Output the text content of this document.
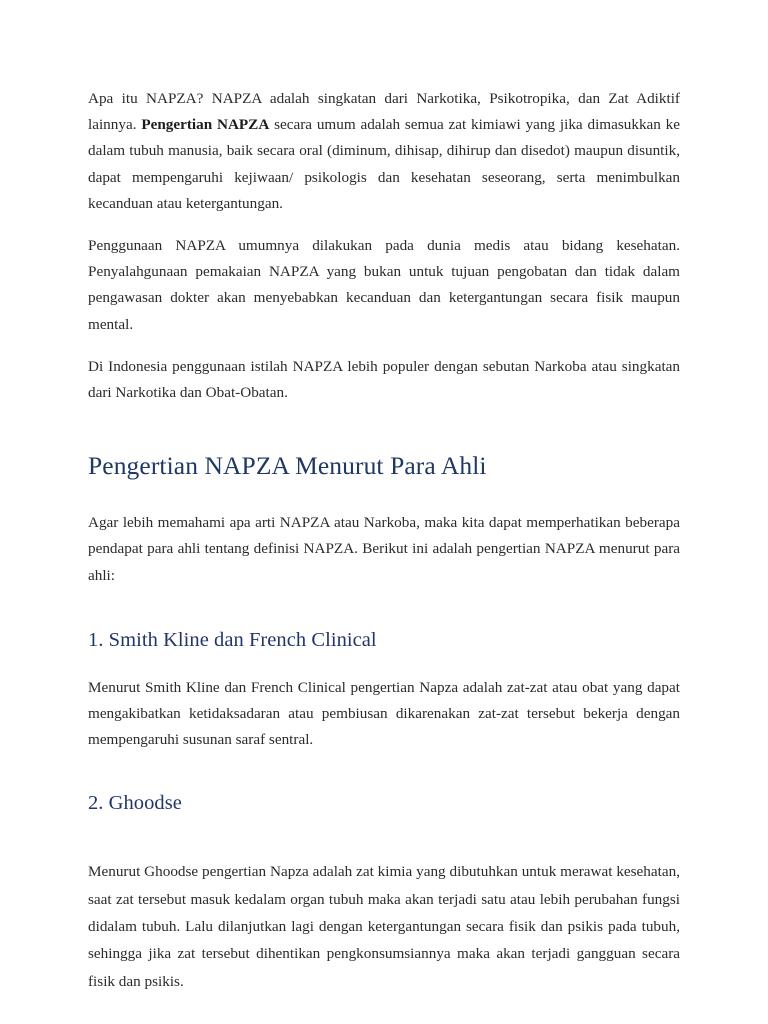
Apa itu NAPZA? NAPZA adalah singkatan dari Narkotika, Psikotropika, dan Zat Adiktif lainnya. Pengertian NAPZA secara umum adalah semua zat kimiawi yang jika dimasukkan ke dalam tubuh manusia, baik secara oral (diminum, dihisap, dihirup dan disedot) maupun disuntik, dapat mempengaruhi kejiwaan/ psikologis dan kesehatan seseorang, serta menimbulkan kecanduan atau ketergantungan.

Penggunaan NAPZA umumnya dilakukan pada dunia medis atau bidang kesehatan. Penyalahgunaan pemakaian NAPZA yang bukan untuk tujuan pengobatan dan tidak dalam pengawasan dokter akan menyebabkan kecanduan dan ketergantungan secara fisik maupun mental.

Di Indonesia penggunaan istilah NAPZA lebih populer dengan sebutan Narkoba atau singkatan dari Narkotika dan Obat-Obatan.

Pengertian NAPZA Menurut Para Ahli

Agar lebih memahami apa arti NAPZA atau Narkoba, maka kita dapat memperhatikan beberapa pendapat para ahli tentang definisi NAPZA. Berikut ini adalah pengertian NAPZA menurut para ahli:

1. Smith Kline dan French Clinical

Menurut Smith Kline dan French Clinical pengertian Napza adalah zat-zat atau obat yang dapat mengakibatkan ketidaksadaran atau pembiusan dikarenakan zat-zat tersebut bekerja dengan mempengaruhi susunan saraf sentral.

2. Ghoodse

Menurut Ghoodse pengertian Napza adalah zat kimia yang dibutuhkan untuk merawat kesehatan, saat zat tersebut masuk kedalam organ tubuh maka akan terjadi satu atau lebih perubahan fungsi didalam tubuh. Lalu dilanjutkan lagi dengan ketergantungan secara fisik dan psikis pada tubuh, sehingga jika zat tersebut dihentikan pengkonsumsiannya maka akan terjadi gangguan secara fisik dan psikis.
